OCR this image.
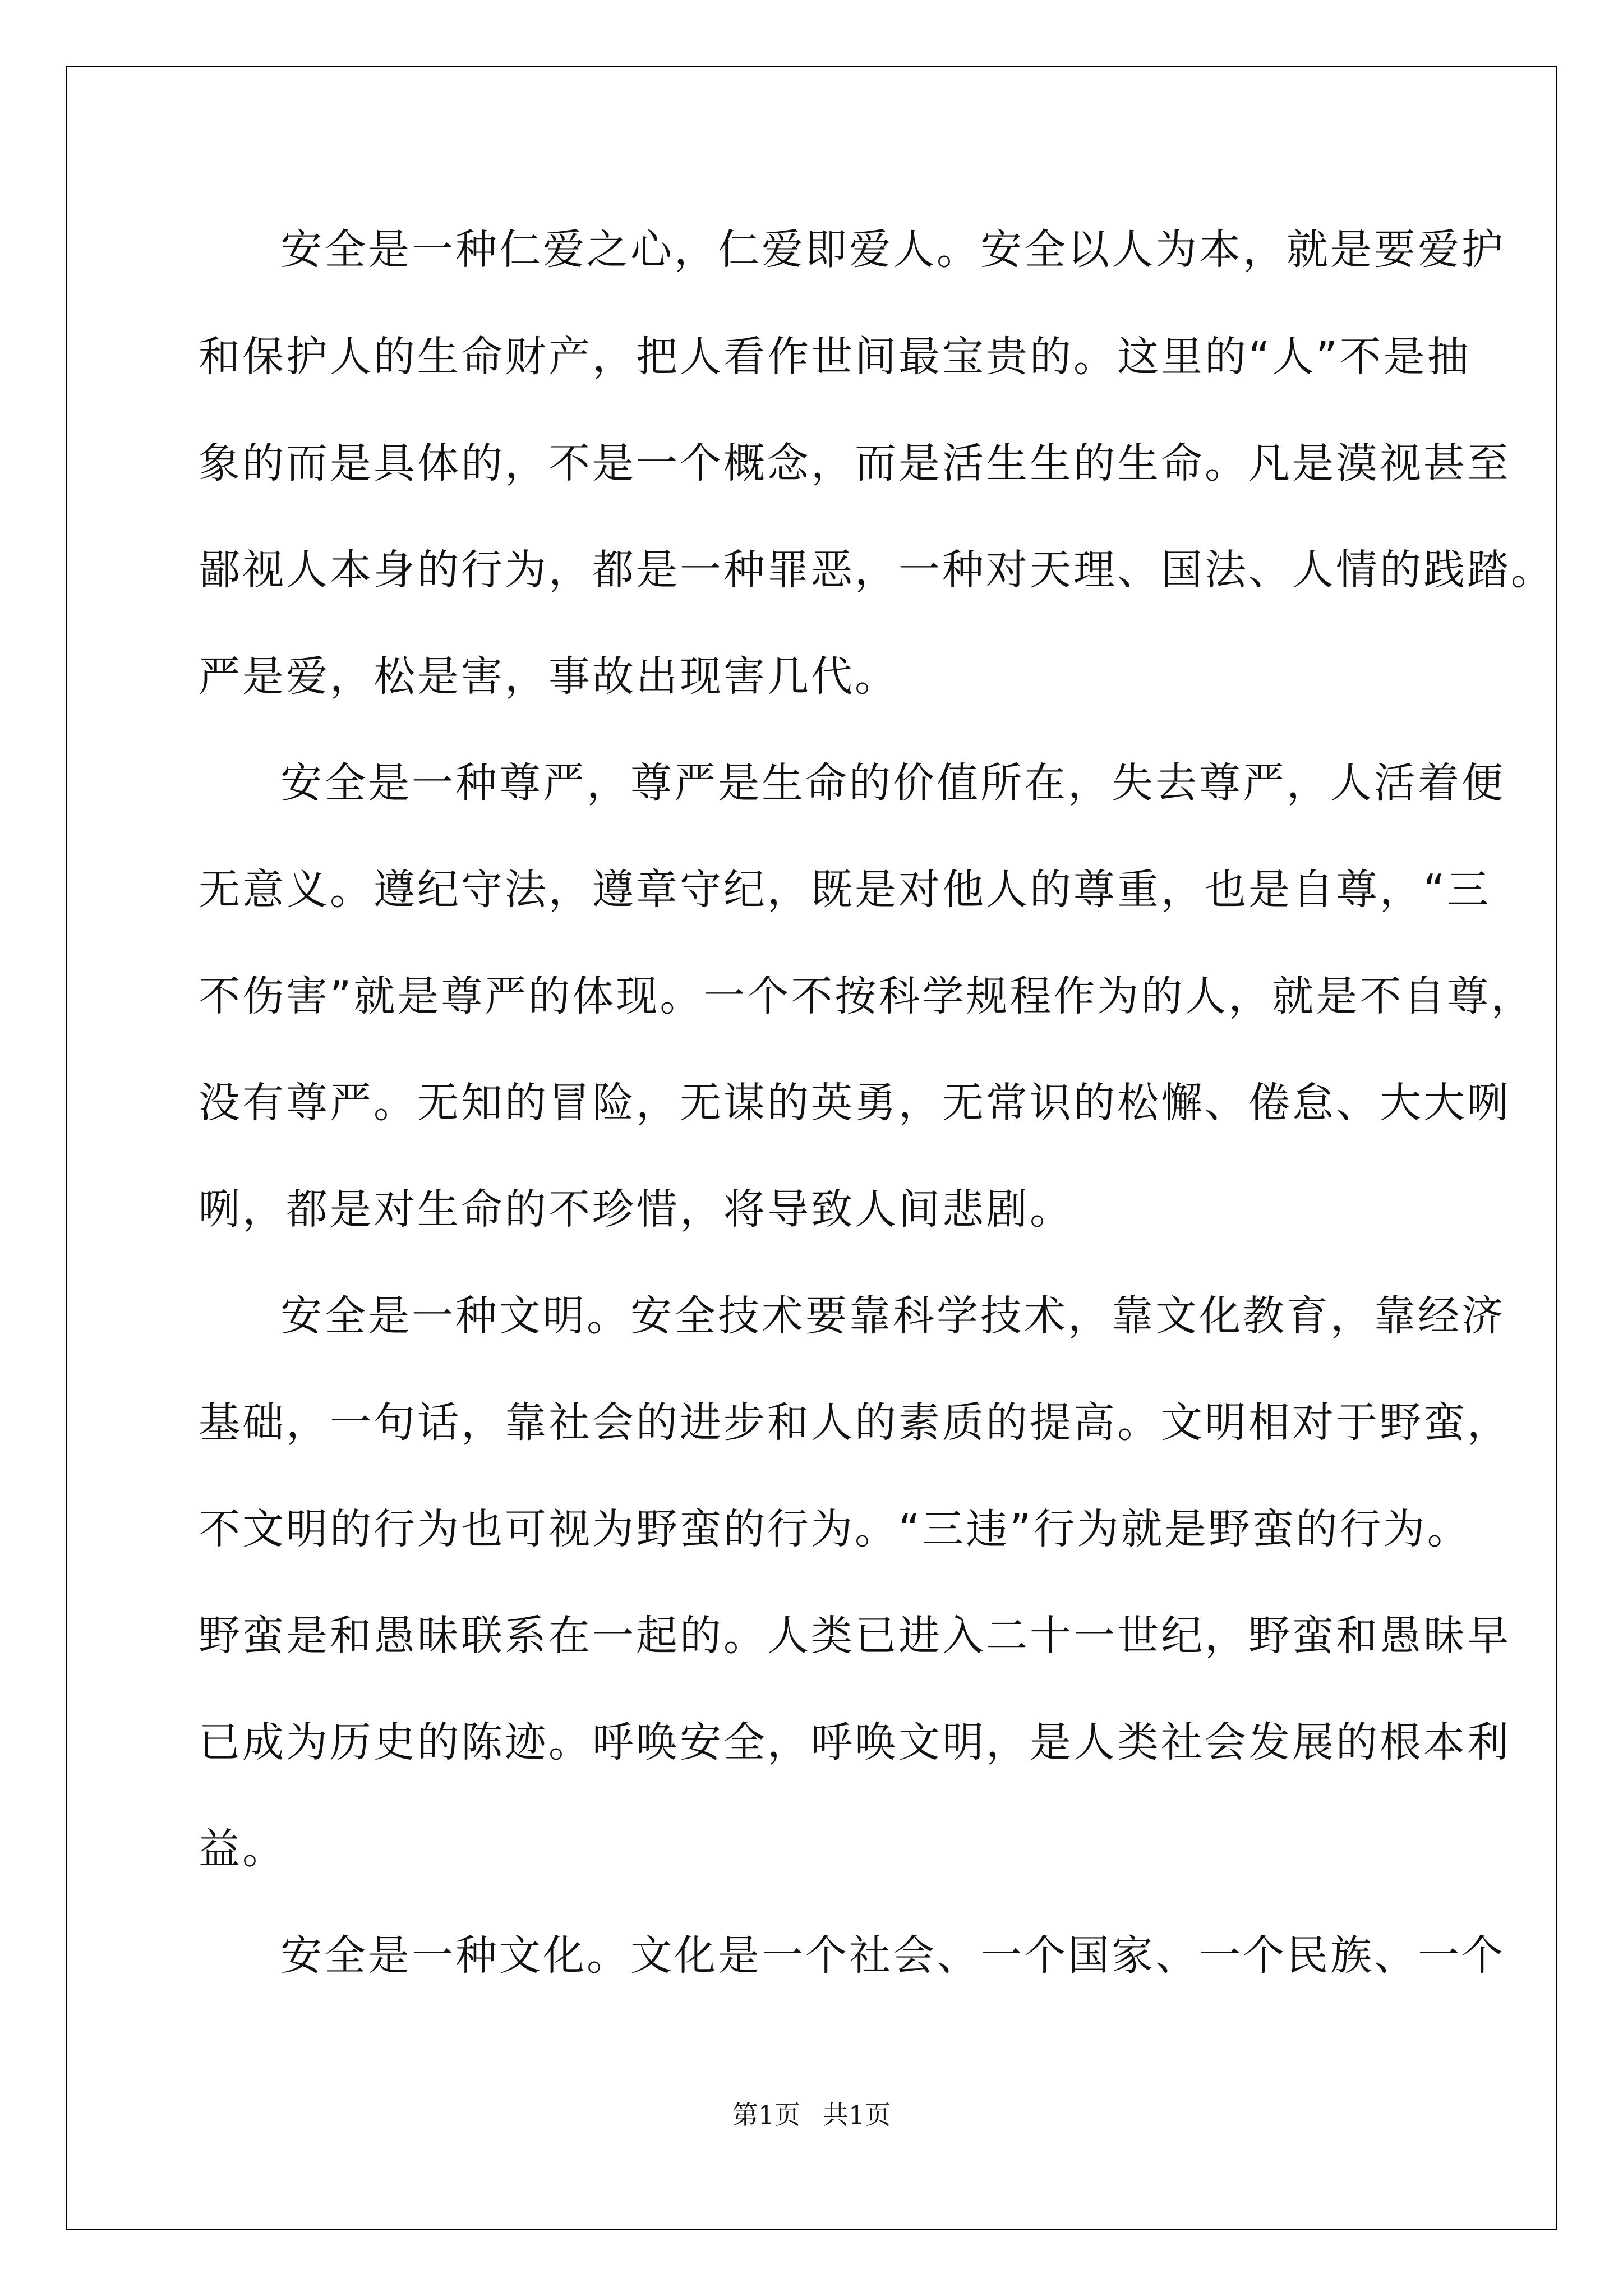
安全是一种仁爱之心，仁爱即爱人。安全以人为本，就是要爱护
和保护人的生命财产，把人看作世间最宝贵的。这里的“人”不是抽
象的而是具体的，不是一个概念，而是活生生的生命。凡是漠视甚至
鄙视人本身的行为，都是一种罪恶，一种对天理、国法、人情的践踏。
严是爱，松是害，事故出现害几代。
安全是一种尊严，尊严是生命的价值所在，失去尊严，人活着便
无意义。遵纪守法，遵章守纪，既是对他人的尊重，也是自尊，“三
不伤害”就是尊严的体现。一个不按科学规程作为的人，就是不自尊，
没有尊严。无知的冒险，无谋的英勇，无常识的松懈、倦怠、大大咧
咧，都是对生命的不珍惜，将导致人间悲剧。
安全是一种文明。安全技术要靠科学技术，靠文化教育，靠经济
基础，一句话，靠社会的进步和人的素质的提高。文明相对于野蛮，
不文明的行为也可视为野蛮的行为。“三违”行为就是野蛮的行为。
野蛮是和愚昧联系在一起的。人类已进入二十一世纪，野蛮和愚昧早
已成为历史的陈迹。呼唤安全，呼唤文明，是人类社会发展的根本利
益。
安全是一种文化。文化是一个社会、一个国家、一个民族、一个
第1页 共1页
